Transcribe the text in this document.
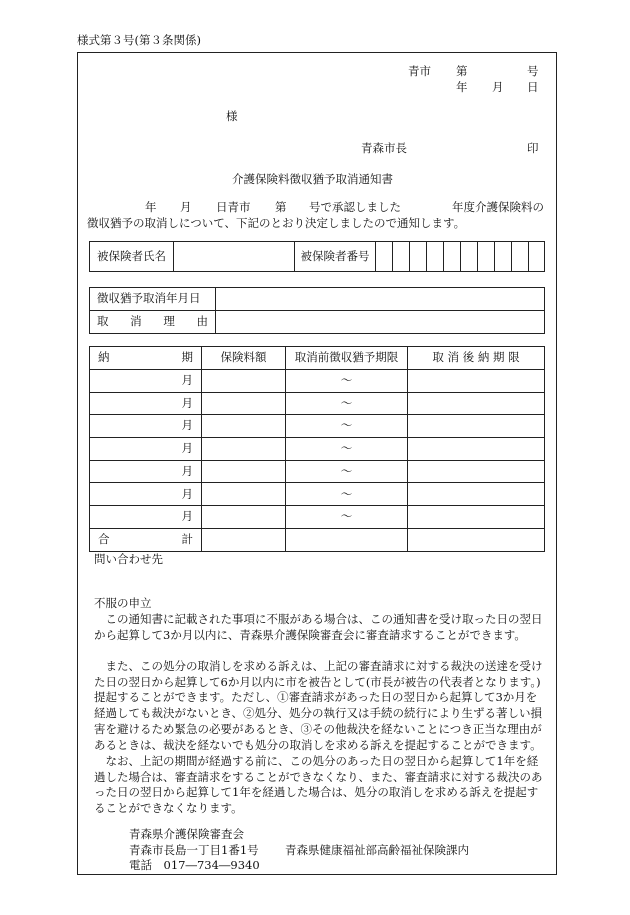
様式第３号(第３条関係)
青市 第	号
年 月 日
様
青森市長	印
介護保険料徴収猶予取消通知書
年 月 日青市 第 号で承認しました	年度介護保険料の
徴収猶予の取消しについて、下記のとおり決定しましたので通知します。
被保険者氏名		被保険者番号										
徴収猶予取消年月日	

取 消 理 由	

納 期	保険料額	取消前徴収猶予期限	取 消 後 納 期 限
月		〜	
月		〜	
月		〜	
月		〜	
月		〜	
月		〜	
月		〜	

合 計			

問い合わせ先
不服の申立
この通知書に記載された事項に不服がある場合は、この通知書を受け取った日の翌日から起算して3か月以内に、青森県介護保険審査会に審査請求することができます。
また、この処分の取消しを求める訴えは、上記の審査請求に対する裁決の送達を受けた日の翌日から起算して6か月以内に市を被告として(市長が被告の代表者となります。)提起することができます。ただし、①審査請求があった日の翌日から起算して3か月を経過しても裁決がないとき、②処分、処分の執行又は手続の続行により生ずる著しい損害を避けるため緊急の必要があるとき、③その他裁決を経ないことにつき正当な理由があるときは、裁決を経ないでも処分の取消しを求める訴えを提起することができます。
なお、上記の期間が経過する前に、この処分のあった日の翌日から起算して1年を経過した場合は、審査請求をすることができなくなり、また、審査請求に対する裁決のあった日の翌日から起算して1年を経過した場合は、処分の取消しを求める訴えを提起することができなくなります。
青森県介護保険審査会
青森市長島一丁目1番1号 青森県健康福祉部高齢福祉保険課内
電話　017―734―9340
